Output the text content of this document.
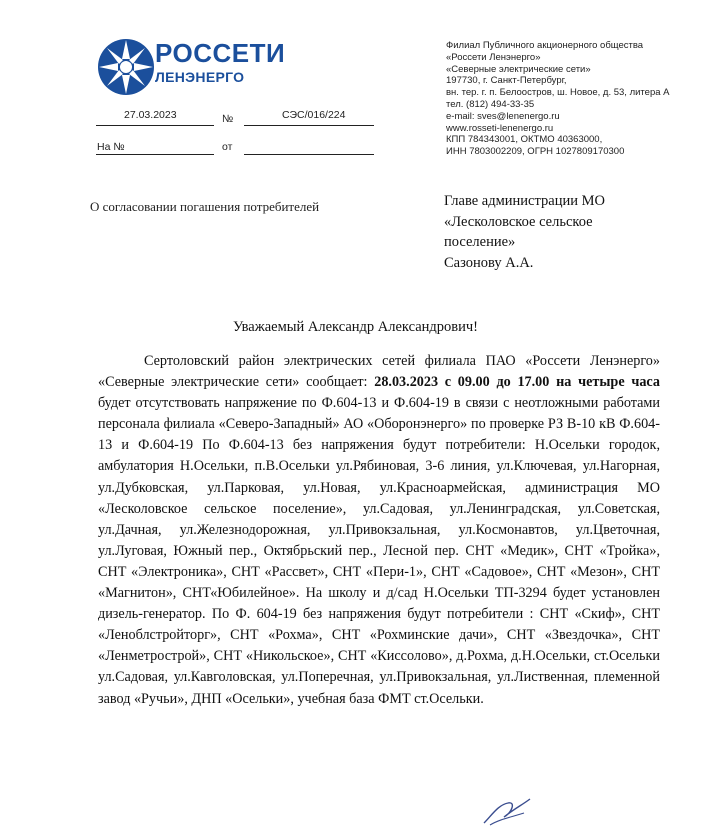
РОССЕТИ
ЛЕНЭНЕРГО
Филиал Публичного акционерного общества
«Россети Ленэнерго»
«Северные электрические сети»
197730, г. Санкт-Петербург,
вн. тер. г. п. Белоостров, ш. Новое, д. 53, литера А
тел. (812) 494-33-35
e-mail: sves@lenenergo.ru
www.rosseti-lenenergo.ru
КПП 784343001, ОКТМО 40363000,
ИНН 7803002209, ОГРН 1027809170300
27.03.2023	№	СЭС/016/224
На №	от
О согласовании погашения потребителей	Главе администрации МО
«Лесколовское сельское
поселение»
Сазонову А.А.
Уважаемый Александр Александрович!

Сертоловский район электрических сетей филиала ПАО «Россети Ленэнерго» «Северные электрические сети» сообщает: 28.03.2023 с 09.00 до 17.00 на четыре часа будет отсутствовать напряжение по Ф.604-13 и Ф.604-19 в связи с неотложными работами персонала филиала «Северо-Западный» АО «Оборонэнерго» по проверке РЗ В-10 кВ Ф.604-13 и Ф.604-19 По Ф.604-13 без напряжения будут потребители: Н.Осельки городок, амбулатория Н.Осельки, п.В.Осельки ул.Рябиновая, 3-6 линия, ул.Ключевая, ул.Нагорная, ул.Дубковская, ул.Парковая, ул.Новая, ул.Красноармейская, администрация МО «Лесколовское сельское поселение», ул.Садовая, ул.Ленинградская, ул.Советская, ул.Дачная, ул.Железнодорожная, ул.Привокзальная, ул.Космонавтов, ул.Цветочная, ул.Луговая, Южный пер., Октябрьский пер., Лесной пер. СНТ «Медик», СНТ «Тройка», СНТ «Электроника», СНТ «Рассвет», СНТ «Пери-1», СНТ «Садовое», СНТ «Мезон», СНТ «Магнитон», СНТ«Юбилейное». На школу и д/сад Н.Осельки ТП-3294 будет установлен дизель-генератор. По Ф. 604-19 без напряжения будут потребители : СНТ «Скиф», СНТ «Ленoблстройторг», СНТ «Рохма», СНТ «Рохминские дачи», СНТ «Звездочка», СНТ «Ленметрострой», СНТ «Никольское», СНТ «Киссолово», д.Рохма, д.Н.Осельки, ст.Осельки ул.Садовая, ул.Кавголовская, ул.Поперечная, ул.Привокзальная, ул.Лиственная, племенной завод «Ручьи», ДНП «Осельки», учебная база ФМТ ст.Осельки.
